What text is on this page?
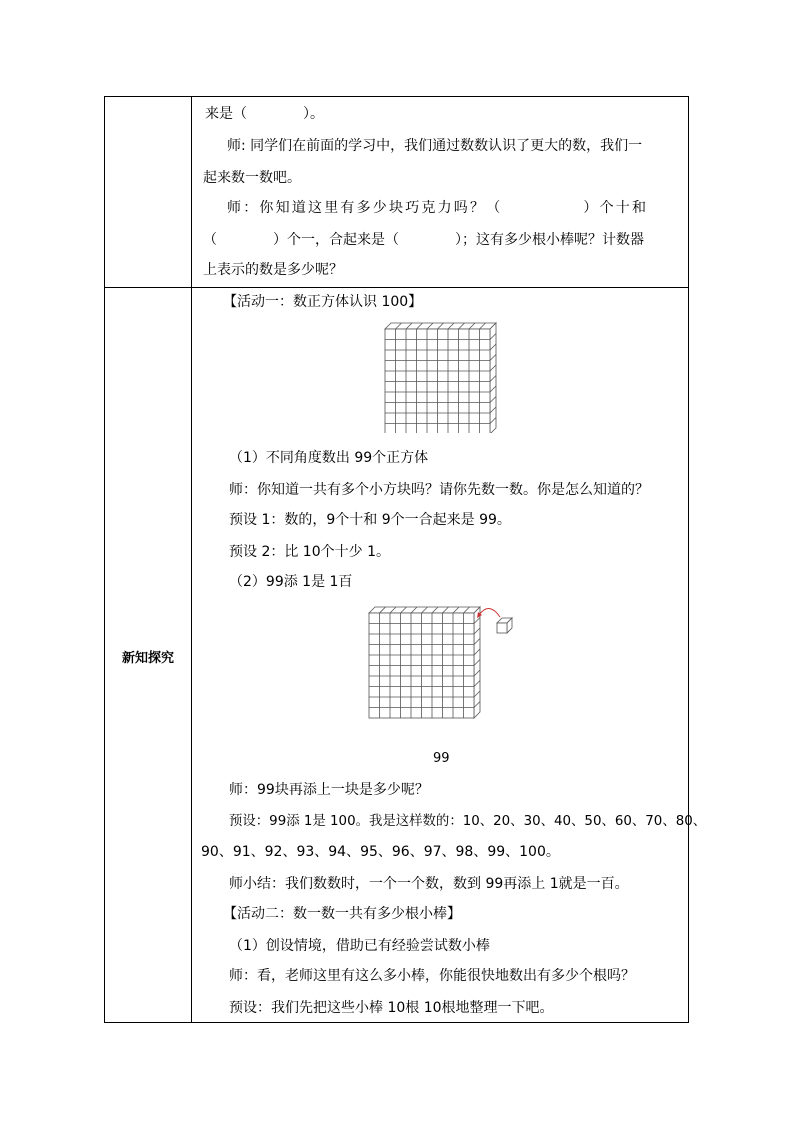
来是（　　　　）。
师: 同学们在前面的学习中，我们通过数数认识了更大的数，我们一
起来数一数吧。
师：你知道这里有多少块巧克力吗？（　　　　　）个十和
（　　　　）个一，合起来是（　　　　）；这有多少根小棒呢？计数器
上表示的数是多少呢？
新知探究
【活动一：数正方体认识 100】
（1）不同角度数出 99个正方体
师：你知道一共有多个小方块吗？请你先数一数。你是怎么知道的？
预设 1：数的，9个十和 9个一合起来是 99。
预设 2：比 10个十少 1。
（2）99添 1是 1百
99
师：99块再添上一块是多少呢？
预设：99添 1是 100。我是这样数的：10、20、30、40、50、60、70、80、
90、91、92、93、94、95、96、97、98、99、100。
师小结：我们数数时，一个一个数，数到 99再添上 1就是一百。
【活动二：数一数一共有多少根小棒】
（1）创设情境，借助已有经验尝试数小棒
师：看，老师这里有这么多小棒，你能很快地数出有多少个根吗？
预设：我们先把这些小棒 10根 10根地整理一下吧。
